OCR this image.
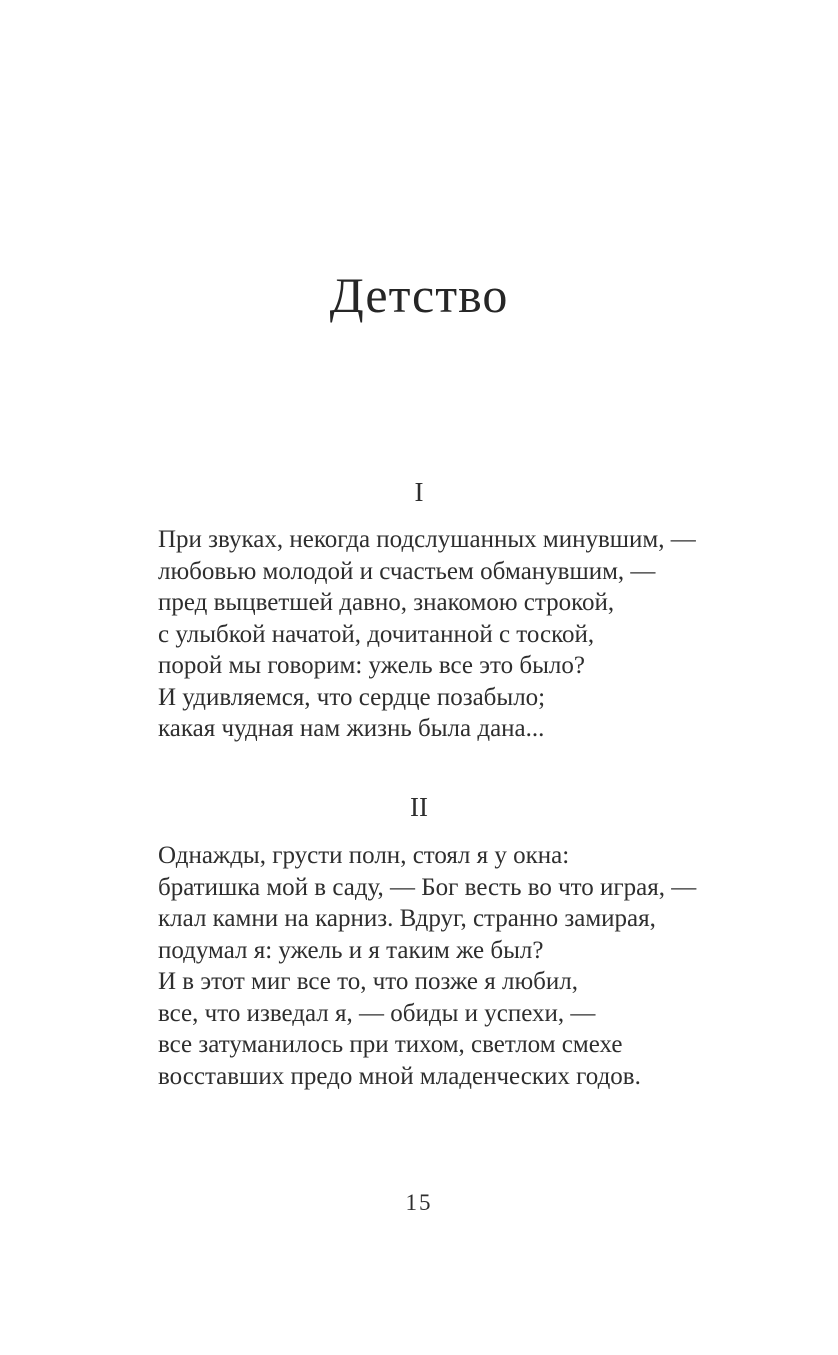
Детство
I
При звуках, некогда подслушанных минувшим, —
любовью молодой и счастьем обманувшим, —
пред выцветшей давно, знакомою строкой,
с улыбкой начатой, дочитанной с тоской,
порой мы говорим: ужель все это было?
И удивляемся, что сердце позабыло;
какая чудная нам жизнь была дана...
II
Однажды, грусти полн, стоял я у окна:
братишка мой в саду, — Бог весть во что играя, —
клал камни на карниз. Вдруг, странно замирая,
подумал я: ужель и я таким же был?
И в этот миг все то, что позже я любил,
все, что изведал я, — обиды и успехи, —
все затуманилось при тихом, светлом смехе
восставших предо мной младенческих годов.
15
